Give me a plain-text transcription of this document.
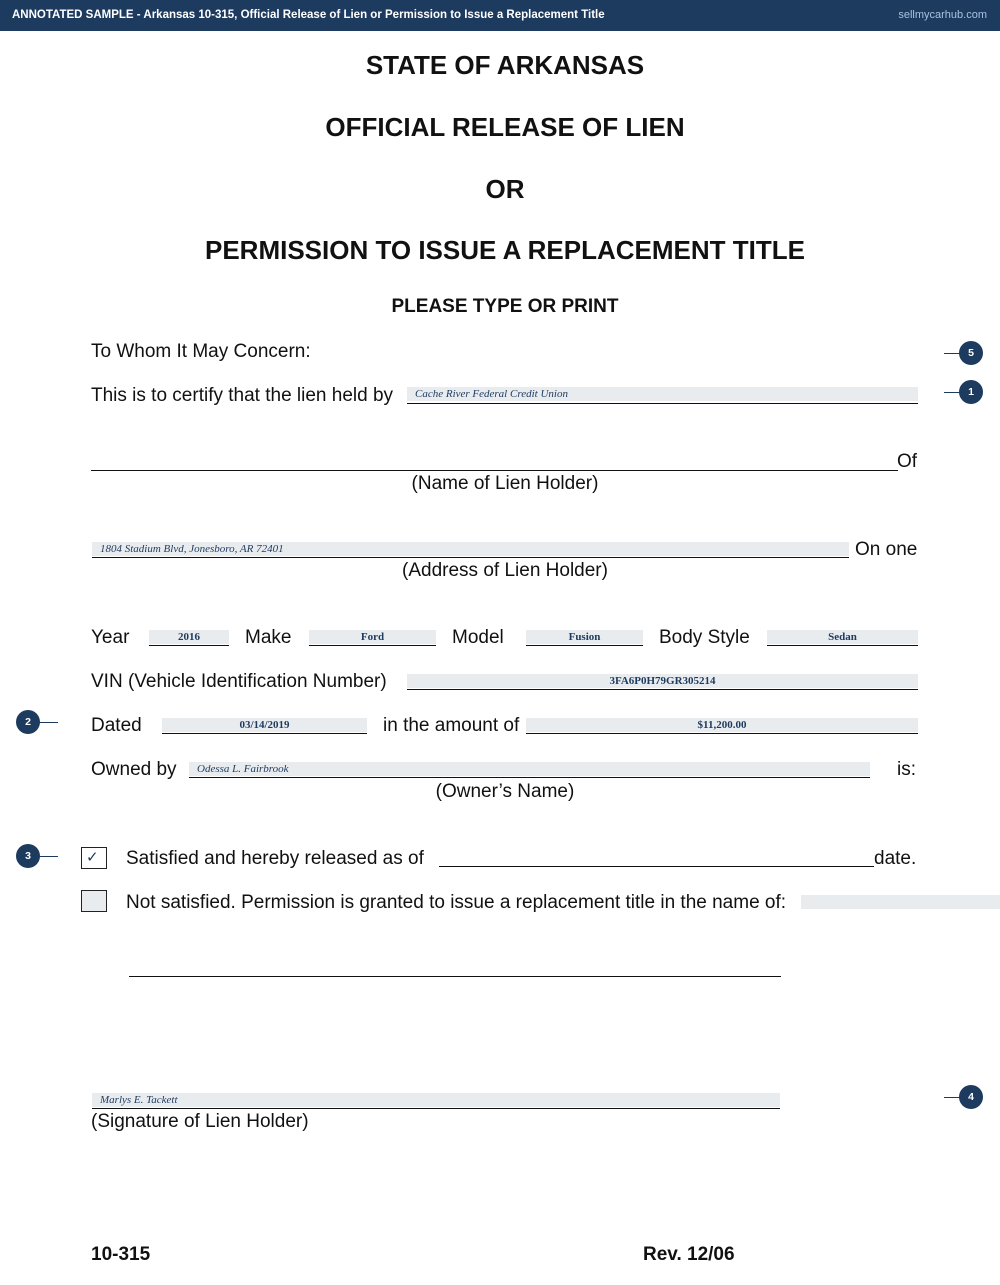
ANNOTATED SAMPLE - Arkansas 10-315, Official Release of Lien or Permission to Issue a Replacement Title	sellmycarhub.com
STATE OF ARKANSAS
OFFICIAL RELEASE OF LIEN
OR
PERMISSION TO ISSUE A REPLACEMENT TITLE
PLEASE TYPE OR PRINT
To Whom It May Concern:
This is to certify that the lien held by Cache River Federal Credit Union
Of
(Name of Lien Holder)
1804 Stadium Blvd, Jonesboro, AR 72401	On one
(Address of Lien Holder)
Year	2016	Make	Ford	Model	Fusion	Body Style	Sedan
VIN (Vehicle Identification Number)	3FA6P0H79GR305214
Dated	03/14/2019	in the amount of	$11,200.00
Owned by Odessa L. Fairbrook	is:
(Owner’s Name)
✓ Satisfied and hereby released as of	date.
Not satisfied. Permission is granted to issue a replacement title in the name of:
Marlys E. Tackett
(Signature of Lien Holder)
10-315	Rev. 12/06
5
1
2
3
4
